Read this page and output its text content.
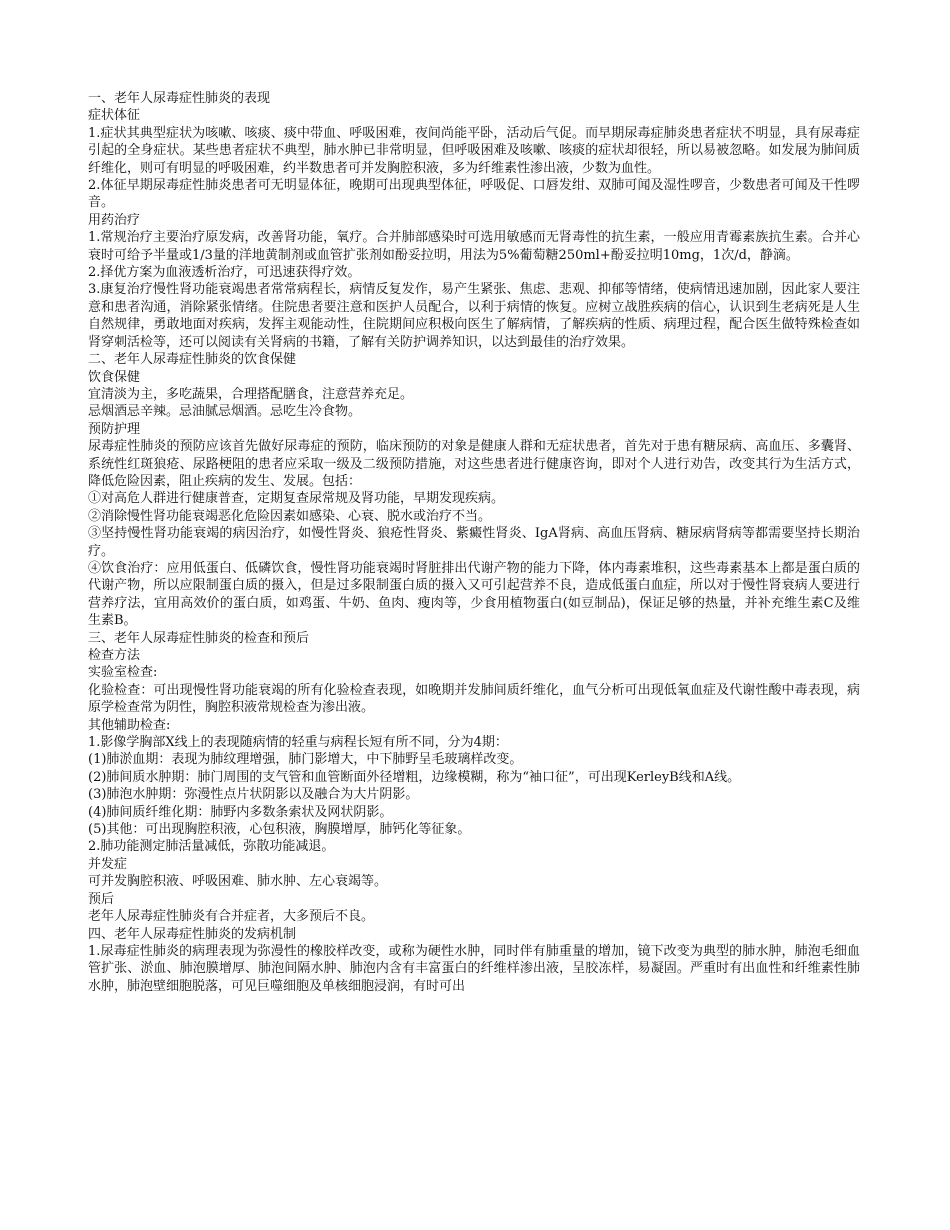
一、老年人尿毒症性肺炎的表现

症状体征

1.症状其典型症状为咳嗽、咳痰、痰中带血、呼吸困难，夜间尚能平卧，活动后气促。而早期尿毒症肺炎患者症状不明显，具有尿毒症引起的全身症状。某些患者症状不典型，肺水肿已非常明显，但呼吸困难及咳嗽、咳痰的症状却很轻，所以易被忽略。如发展为肺间质纤维化，则可有明显的呼吸困难，约半数患者可并发胸腔积液，多为纤维素性渗出液，少数为血性。

2.体征早期尿毒症性肺炎患者可无明显体征，晚期可出现典型体征，呼吸促、口唇发绀、双肺可闻及湿性啰音，少数患者可闻及干性啰音。

用药治疗

1.常规治疗主要治疗原发病，改善肾功能，氧疗。合并肺部感染时可选用敏感而无肾毒性的抗生素，一般应用青霉素族抗生素。合并心衰时可给予半量或1/3量的洋地黄制剂或血管扩张剂如酚妥拉明，用法为5%葡萄糖250ml+酚妥拉明10mg，1次/d，静滴。

2.择优方案为血液透析治疗，可迅速获得疗效。

3.康复治疗慢性肾功能衰竭患者常常病程长，病情反复发作，易产生紧张、焦虑、悲观、抑郁等情绪，使病情迅速加剧，因此家人要注意和患者沟通，消除紧张情绪。住院患者要注意和医护人员配合，以利于病情的恢复。应树立战胜疾病的信心，认识到生老病死是人生自然规律，勇敢地面对疾病，发挥主观能动性，住院期间应积极向医生了解病情，了解疾病的性质、病理过程，配合医生做特殊检查如肾穿刺活检等，还可以阅读有关肾病的书籍，了解有关防护调养知识，以达到最佳的治疗效果。

二、老年人尿毒症性肺炎的饮食保健

饮食保健

宜清淡为主，多吃蔬果，合理搭配膳食，注意营养充足。

忌烟酒忌辛辣。忌油腻忌烟酒。忌吃生冷食物。

预防护理

尿毒症性肺炎的预防应该首先做好尿毒症的预防，临床预防的对象是健康人群和无症状患者，首先对于患有糖尿病、高血压、多囊肾、系统性红斑狼疮、尿路梗阻的患者应采取一级及二级预防措施，对这些患者进行健康咨询，即对个人进行劝告，改变其行为生活方式，降低危险因素，阻止疾病的发生、发展。包括：

①对高危人群进行健康普查，定期复查尿常规及肾功能，早期发现疾病。

②消除慢性肾功能衰竭恶化危险因素如感染、心衰、脱水或治疗不当。

③坚持慢性肾功能衰竭的病因治疗，如慢性肾炎、狼疮性肾炎、紫癜性肾炎、IgA肾病、高血压肾病、糖尿病肾病等都需要坚持长期治疗。

④饮食治疗：应用低蛋白、低磷饮食，慢性肾功能衰竭时肾脏排出代谢产物的能力下降，体内毒素堆积，这些毒素基本上都是蛋白质的代谢产物，所以应限制蛋白质的摄入，但是过多限制蛋白质的摄入又可引起营养不良，造成低蛋白血症，所以对于慢性肾衰病人要进行营养疗法，宜用高效价的蛋白质，如鸡蛋、牛奶、鱼肉、瘦肉等，少食用植物蛋白(如豆制品)，保证足够的热量，并补充维生素C及维生素B。

三、老年人尿毒症性肺炎的检查和预后

检查方法

实验室检查:

化验检查：可出现慢性肾功能衰竭的所有化验检查表现，如晚期并发肺间质纤维化，血气分析可出现低氧血症及代谢性酸中毒表现，病原学检查常为阴性，胸腔积液常规检查为渗出液。

其他辅助检查:

1.影像学胸部X线上的表现随病情的轻重与病程长短有所不同，分为4期：

(1)肺淤血期：表现为肺纹理增强，肺门影增大，中下肺野呈毛玻璃样改变。

(2)肺间质水肿期：肺门周围的支气管和血管断面外径增粗，边缘模糊，称为“袖口征”，可出现KerleyB线和A线。

(3)肺泡水肿期：弥漫性点片状阴影以及融合为大片阴影。

(4)肺间质纤维化期：肺野内多数条索状及网状阴影。

(5)其他：可出现胸腔积液，心包积液，胸膜增厚，肺钙化等征象。

2.肺功能测定肺活量减低，弥散功能减退。

并发症

可并发胸腔积液、呼吸困难、肺水肿、左心衰竭等。

预后

老年人尿毒症性肺炎有合并症者，大多预后不良。

四、老年人尿毒症性肺炎的发病机制

1.尿毒症性肺炎的病理表现为弥漫性的橡胶样改变，或称为硬性水肿，同时伴有肺重量的增加，镜下改变为典型的肺水肿，肺泡毛细血管扩张、淤血、肺泡膜增厚、肺泡间隔水肿、肺泡内含有丰富蛋白的纤维样渗出液，呈胶冻样，易凝固。严重时有出血性和纤维素性肺水肿，肺泡壁细胞脱落，可见巨噬细胞及单核细胞浸润，有时可出
